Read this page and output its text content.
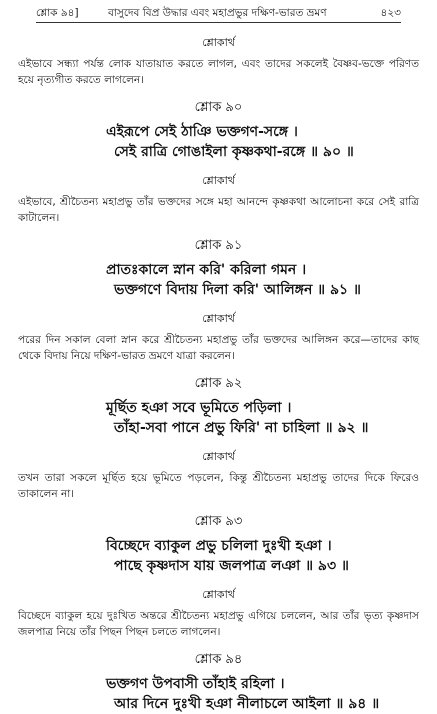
শ্লোক ৯৪]	বাসুদেব বিপ্র উদ্ধার এবং মহাপ্রভুর দক্ষিণ-ভারত ভ্রমণ	৪২৩
শ্লোকার্থ
এইভাবে সন্ধ্যা পর্যন্ত লোক যাতায়াত করতে লাগল, এবং তাদের সকলেই বৈষ্ণব-ভক্তে পরিণত হয়ে নৃত্যগীত করতে লাগলেন।
শ্লোক ৯০
এইরূপে সেই ঠাঞি ভক্তগণ-সঙ্গে ।
সেই রাত্রি গোঙাইলা কৃষ্ণকথা-রঙ্গে ॥ ৯০ ॥
শ্লোকার্থ
এইভাবে, শ্রীচৈতন্য মহাপ্রভু তাঁর ভক্তদের সঙ্গে মহা আনন্দে কৃষ্ণকথা আলোচনা করে সেই রাত্রি কাটালেন।
শ্লোক ৯১
প্রাতঃকালে স্নান করি' করিলা গমন ।
ভক্তগণে বিদায় দিলা করি' আলিঙ্গন ॥ ৯১ ॥
শ্লোকার্থ
পরের দিন সকাল বেলা স্নান করে শ্রীচৈতন্য মহাপ্রভু তাঁর ভক্তদের আলিঙ্গন করে—তাদের কাছ থেকে বিদায় নিয়ে দক্ষিণ-ভারত ভ্রমণে যাত্রা করলেন।
শ্লোক ৯২
মূর্ছিত হঞা সবে ভূমিতে পড়িলা ।
তাঁহা-সবা পানে প্রভু ফিরি' না চাহিলা ॥ ৯২ ॥
শ্লোকার্থ
তখন তারা সকলে মূর্ছিত হয়ে ভূমিতে পড়লেন, কিন্তু শ্রীচৈতন্য মহাপ্রভু তাদের দিকে ফিরেও তাকালেন না।
শ্লোক ৯৩
বিচ্ছেদে ব্যাকুল প্রভু চলিলা দুঃখী হঞা ।
পাছে কৃষ্ণদাস যায় জলপাত্র লঞা ॥ ৯৩ ॥
শ্লোকার্থ
বিচ্ছেদে ব্যাকুল হয়ে দুঃখিত অন্তরে শ্রীচৈতন্য মহাপ্রভু এগিয়ে চললেন, আর তাঁর ভৃত্য কৃষ্ণদাস জলপাত্র নিয়ে তাঁর পিছন পিছন চলতে লাগলেন।
শ্লোক ৯৪
ভক্তগণ উপবাসী তাঁহাই রহিলা ।
আর দিনে দুঃখী হঞা নীলাচলে আইলা ॥ ৯৪ ॥
